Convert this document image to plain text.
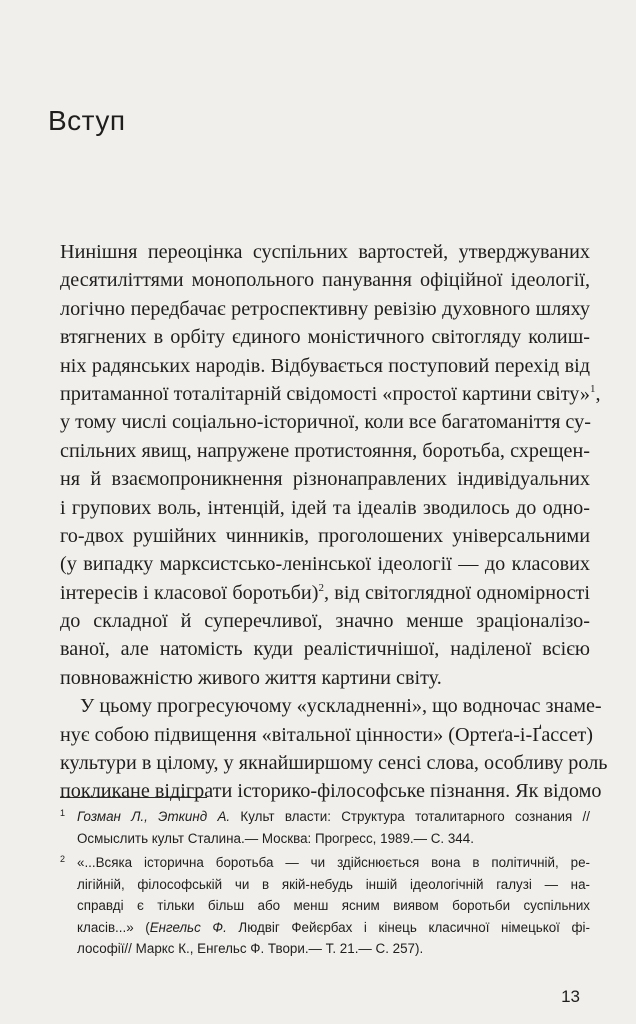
Вступ
Нинішня переоцінка суспільних вартостей, утверджуваних
десятиліттями монопольного панування офіційної ідеології,
логічно передбачає ретроспективну ревізію духовного шляху
втягнених в орбіту єдиного моністичного світогляду колиш-
ніх радянських народів. Відбувається поступовий перехід від
притаманної тоталітарній свідомості «простої картини світу»$^1$,
у тому числі соціально-історичної, коли все багатоманіття су-
спільних явищ, напружене протистояння, боротьба, схрещен-
ня й взаємопроникнення різнонаправлених індивідуальних
і групових воль, інтенцій, ідей та ідеалів зводилось до одно-
го-двох рушійних чинників, проголошених універсальними
(у випадку марксистсько-ленінської ідеології — до класових
інтересів і класової боротьби)$^2$, від світоглядної одномірності
до складної й суперечливої, значно менше зраціоналізо-
ваної, але натомість куди реалістичнішої, наділеної всією
повноважністю живого життя картини світу.
У цьому прогресуючому «ускладненні», що водночас знаме-
нує собою підвищення «вітальної цінности» (Ортеґа-і-Ґассет)
культури в цілому, у якнайширшому сенсі слова, особливу роль
покликане відіграти історико-філософське пізнання. Як відомо
1 Гозман Л., Эткинд А. Культ власти: Структура тоталитарного сознания //
Осмыслить культ Сталина.— Москва: Прогресс, 1989.— С. 344.
2 «...Всяка історична боротьба — чи здійснюється вона в політичній, ре-
лігійній, філософській чи в якій-небудь іншій ідеологічній галузі — на-
справді є тільки більш або менш ясним виявом боротьби суспільних
класів...» (Енгельс Ф. Людвіг Фейєрбах і кінець класичної німецької фі-
лософії// Маркс К., Енгельс Ф. Твори.— Т. 21.— С. 257).
13
